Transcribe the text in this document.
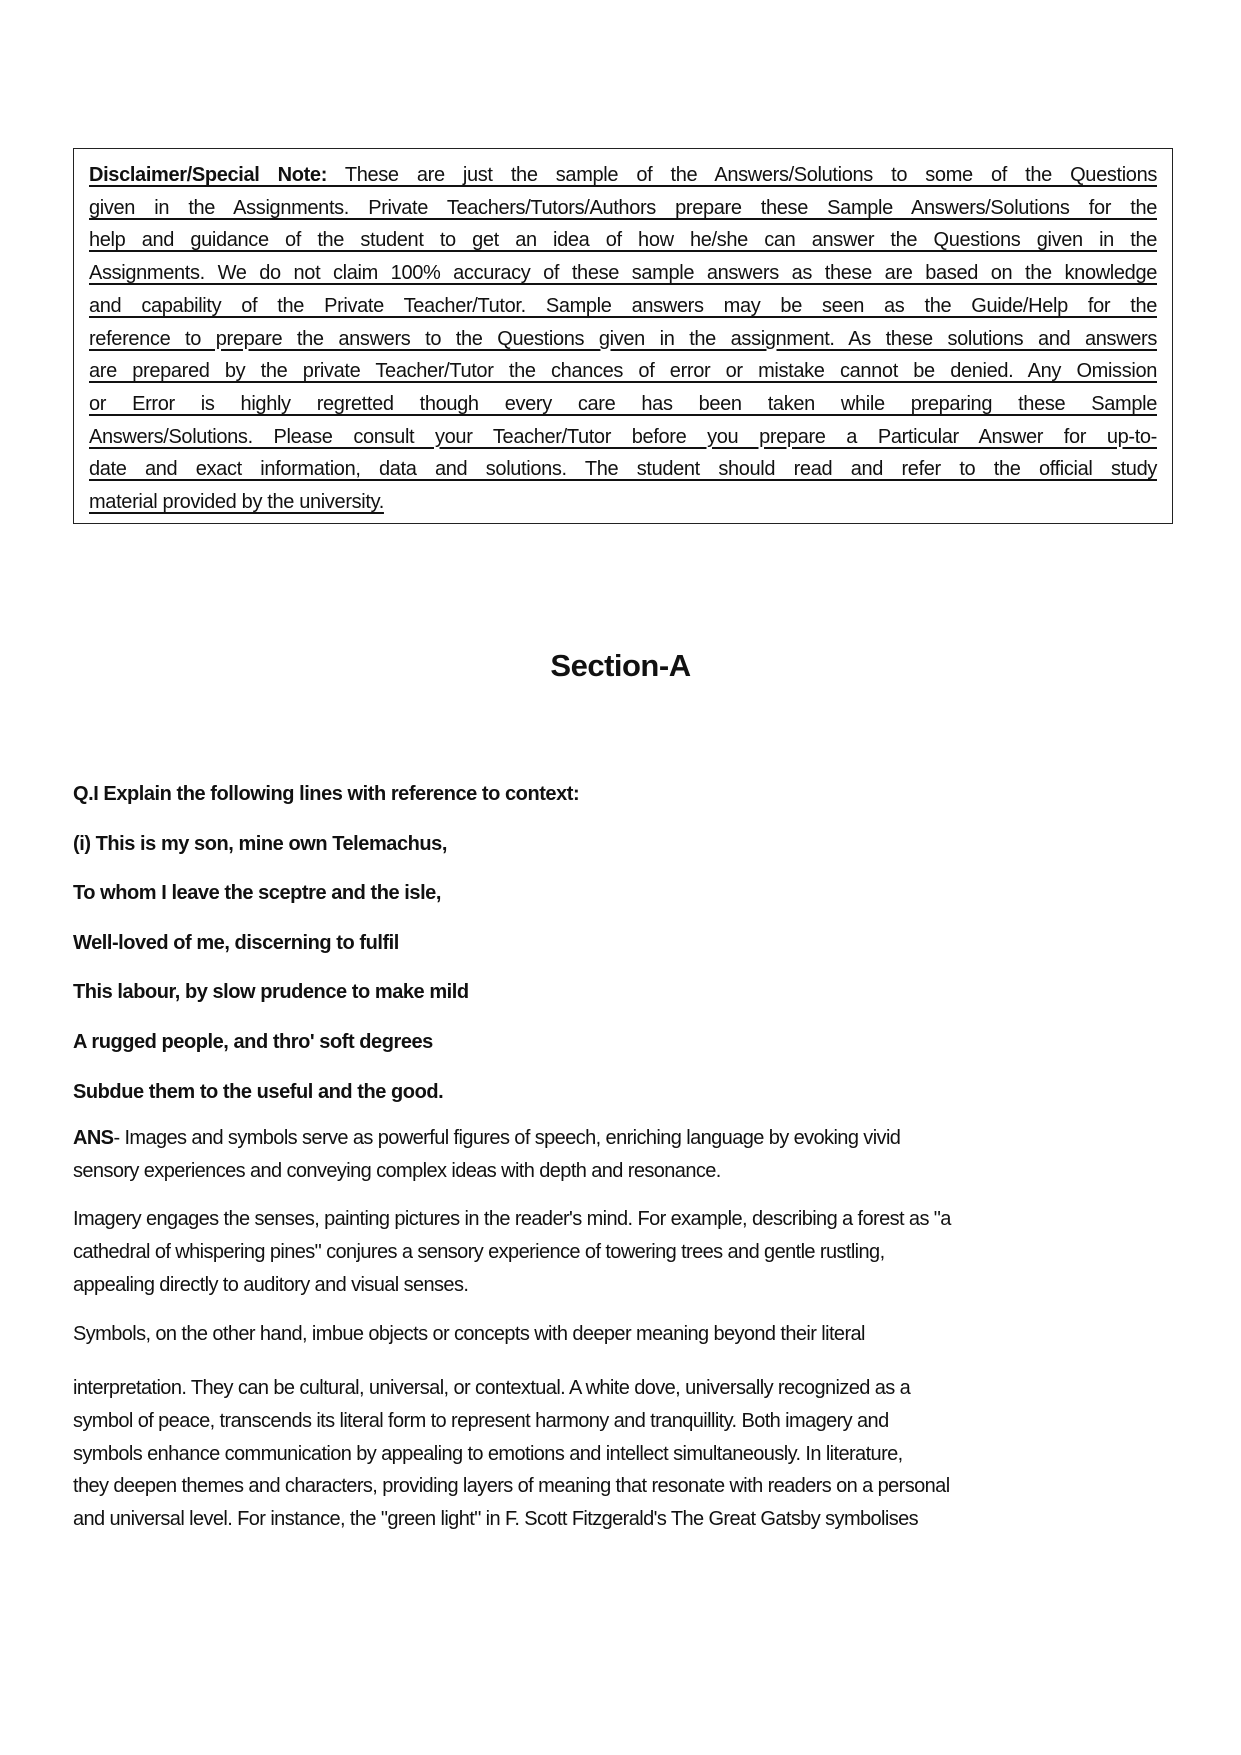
Disclaimer/Special Note: These are just the sample of the Answers/Solutions to some of the Questions
given in the Assignments. Private Teachers/Tutors/Authors prepare these Sample Answers/Solutions for the
help and guidance of the student to get an idea of how he/she can answer the Questions given in the
Assignments. We do not claim 100% accuracy of these sample answers as these are based on the knowledge
and capability of the Private Teacher/Tutor. Sample answers may be seen as the Guide/Help for the
reference to prepare the answers to the Questions given in the assignment. As these solutions and answers
are prepared by the private Teacher/Tutor the chances of error or mistake cannot be denied. Any Omission
or Error is highly regretted though every care has been taken while preparing these Sample
Answers/Solutions. Please consult your Teacher/Tutor before you prepare a Particular Answer for up-to-
date and exact information, data and solutions. The student should read and refer to the official study
material provided by the university.
Section-A
Q.I Explain the following lines with reference to context:
(i) This is my son, mine own Telemachus,
To whom I leave the sceptre and the isle,
Well-loved of me, discerning to fulfil
This labour, by slow prudence to make mild
A rugged people, and thro' soft degrees
Subdue them to the useful and the good.

ANS- Images and symbols serve as powerful figures of speech, enriching language by evoking vivid
sensory experiences and conveying complex ideas with depth and resonance.

Imagery engages the senses, painting pictures in the reader's mind. For example, describing a forest as "a
cathedral of whispering pines" conjures a sensory experience of towering trees and gentle rustling,
appealing directly to auditory and visual senses.

Symbols, on the other hand, imbue objects or concepts with deeper meaning beyond their literal

interpretation. They can be cultural, universal, or contextual. A white dove, universally recognized as a
symbol of peace, transcends its literal form to represent harmony and tranquillity. Both imagery and
symbols enhance communication by appealing to emotions and intellect simultaneously. In literature,
they deepen themes and characters, providing layers of meaning that resonate with readers on a personal
and universal level. For instance, the "green light" in F. Scott Fitzgerald's The Great Gatsby symbolises
